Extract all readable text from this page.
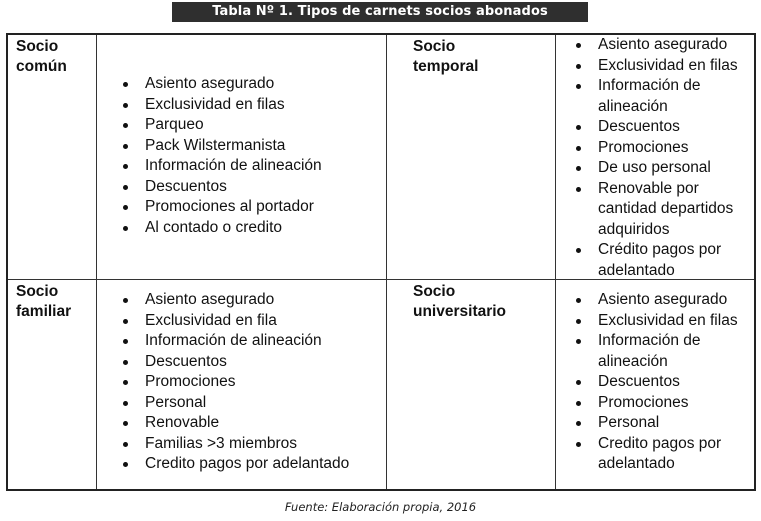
Tabla Nº 1. Tipos de carnets socios abonados
Socio
común
Asiento asegurado
Exclusividad en filas
Parqueo
Pack Wilstermanista
Información de alineación
Descuentos
Promociones al portador
Al contado o credito
Socio
temporal
Asiento asegurado
Exclusividad en filas
Información de alineación
Descuentos
Promociones
De uso personal
Renovable por cantidad departidos adquiridos
Crédito pagos por adelantado
Socio
familiar
Asiento asegurado
Exclusividad en fila
Información de alineación
Descuentos
Promociones
Personal
Renovable
Familias >3 miembros
Credito pagos por adelantado
Socio
universitario
Asiento asegurado
Exclusividad en filas
Información de alineación
Descuentos
Promociones
Personal
Credito pagos por adelantado
Fuente: Elaboración propia, 2016
